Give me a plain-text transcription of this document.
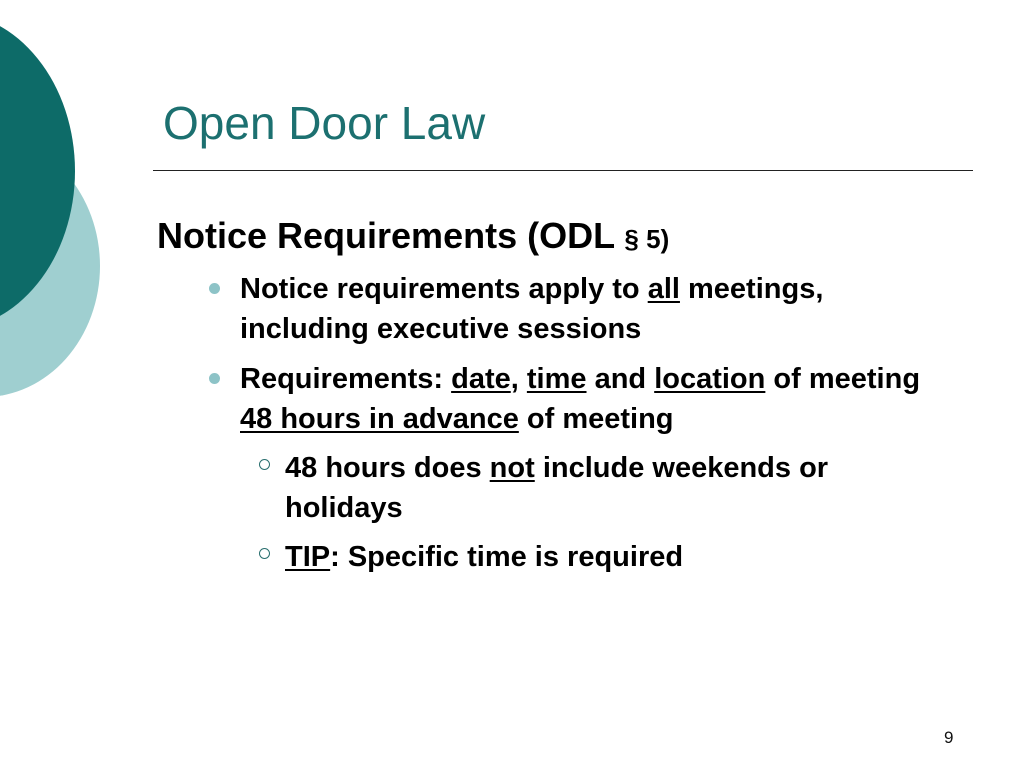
Open Door Law

Notice Requirements (ODL § 5)

Notice requirements apply to all meetings, including executive sessions
Requirements: date, time and location of meeting 48 hours in advance of meeting
48 hours does not include weekends or holidays
TIP: Specific time is required
9
